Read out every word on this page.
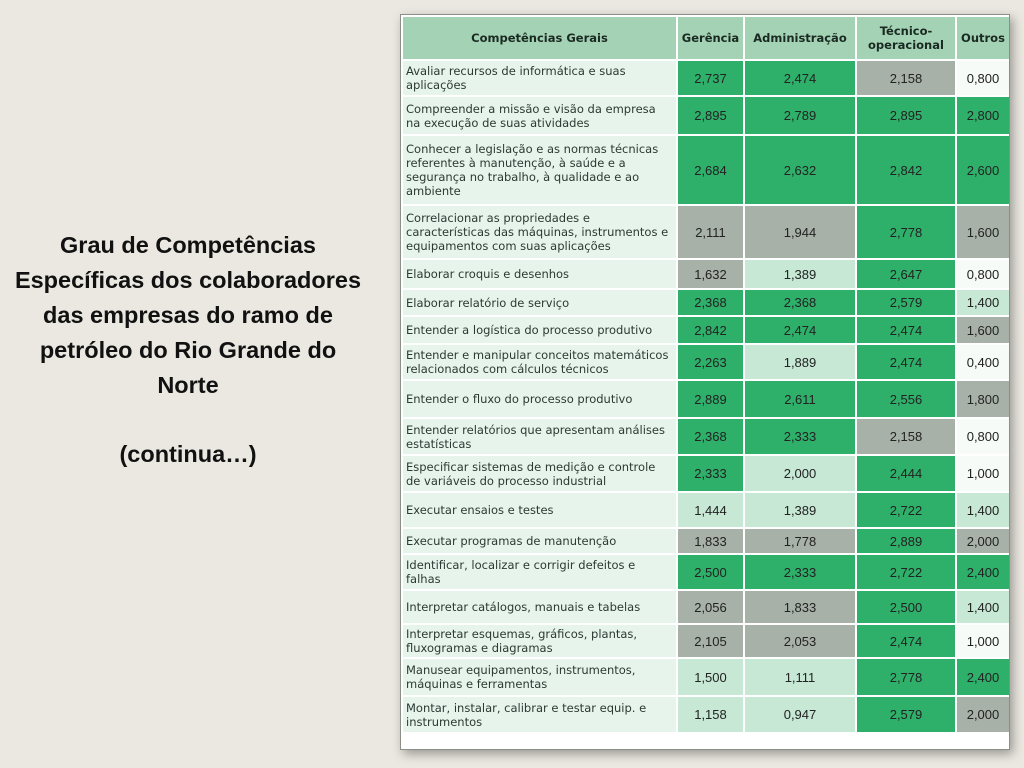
Grau de Competências Específicas dos colaboradores das empresas do ramo de petróleo do Rio Grande do Norte
(continua…)
Competências Gerais	Gerência	Administração	Técnico-operacional	Outros
Avaliar recursos de informática e suas aplicações	2,737	2,474	2,158	0,800
Compreender a missão e visão da empresa na execução de suas atividades	2,895	2,789	2,895	2,800
Conhecer a legislação e as normas técnicas referentes à manutenção, à saúde e a segurança no trabalho, à qualidade e ao ambiente	2,684	2,632	2,842	2,600
Correlacionar as propriedades e características das máquinas, instrumentos e equipamentos com suas aplicações	2,111	1,944	2,778	1,600
Elaborar croquis e desenhos	1,632	1,389	2,647	0,800
Elaborar relatório de serviço	2,368	2,368	2,579	1,400
Entender a logística do processo produtivo	2,842	2,474	2,474	1,600
Entender e manipular conceitos matemáticos relacionados com cálculos técnicos	2,263	1,889	2,474	0,400
Entender o fluxo do processo produtivo	2,889	2,611	2,556	1,800
Entender relatórios que apresentam análises estatísticas	2,368	2,333	2,158	0,800
Especificar sistemas de medição e controle de variáveis do processo industrial	2,333	2,000	2,444	1,000
Executar ensaios e testes	1,444	1,389	2,722	1,400
Executar programas de manutenção	1,833	1,778	2,889	2,000
Identificar, localizar e corrigir defeitos e falhas	2,500	2,333	2,722	2,400
Interpretar catálogos, manuais e tabelas	2,056	1,833	2,500	1,400
Interpretar esquemas, gráficos, plantas, fluxogramas e diagramas	2,105	2,053	2,474	1,000
Manusear equipamentos, instrumentos, máquinas e ferramentas	1,500	1,111	2,778	2,400
Montar, instalar, calibrar e testar equip. e instrumentos	1,158	0,947	2,579	2,000
